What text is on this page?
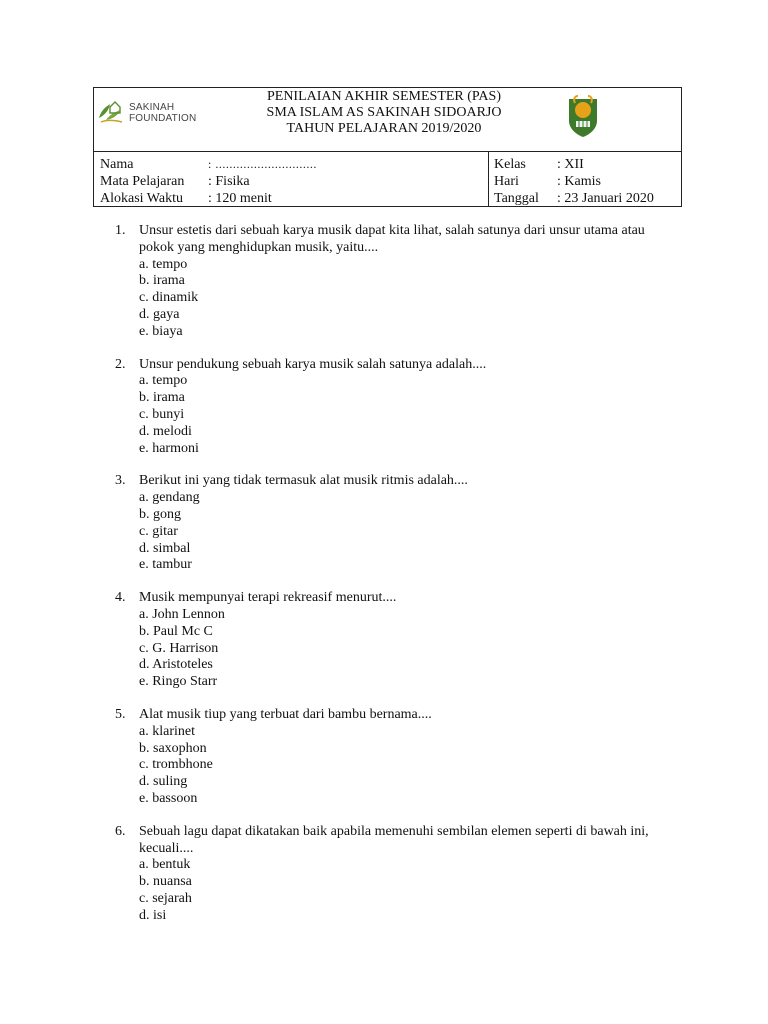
SAKINAH
FOUNDATION
PENILAIAN AKHIR SEMESTER (PAS)
SMA ISLAM AS SAKINAH SIDOARJO
TAHUN PELAJARAN 2019/2020
Nama	: .............................
Mata Pelajaran : Fisika
Alokasi Waktu : 120 menit
Kelas : XII
Hari	: Kamis
Tanggal : 23 Januari 2020
1. Unsur estetis dari sebuah karya musik dapat kita lihat, salah satunya dari unsur utama atau pokok yang menghidupkan musik, yaitu....
a. tempo
b. irama
c. dinamik
d. gaya
e. biaya
2. Unsur pendukung sebuah karya musik salah satunya adalah....
a. tempo
b. irama
c. bunyi
d. melodi
e. harmoni
3. Berikut ini yang tidak termasuk alat musik ritmis adalah....
a. gendang
b. gong
c. gitar
d. simbal
e. tambur
4. Musik mempunyai terapi rekreasif menurut....
a. John Lennon
b. Paul Mc C
c. G. Harrison
d. Aristoteles
e. Ringo Starr
5. Alat musik tiup yang terbuat dari bambu bernama....
a. klarinet
b. saxophon
c. trombhone
d. suling
e. bassoon
6. Sebuah lagu dapat dikatakan baik apabila memenuhi sembilan elemen seperti di bawah ini, kecuali....
a. bentuk
b. nuansa
c. sejarah
d. isi
